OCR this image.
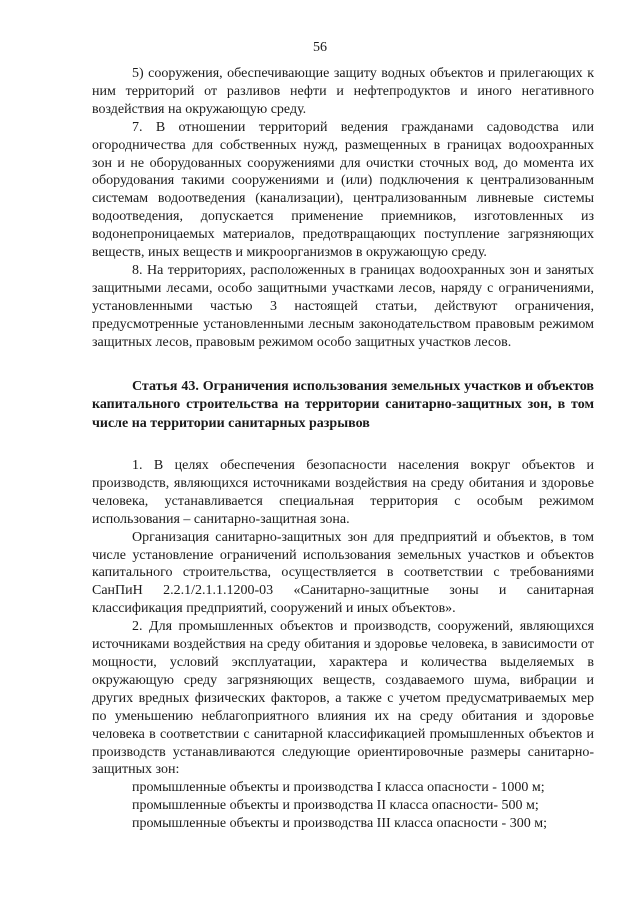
56

5) сооружения, обеспечивающие защиту водных объектов и прилегающих к ним территорий от разливов нефти и нефтепродуктов и иного негативного воздействия на окружающую среду.

7. В отношении территорий ведения гражданами садоводства или огородничества для собственных нужд, размещенных в границах водоохранных зон и не оборудованных сооружениями для очистки сточных вод, до момента их оборудования такими сооружениями и (или) подключения к централизованным системам водоотведения (канализации), централизованным ливневые системы водоотведения, допускается применение приемников, изготовленных из водонепроницаемых материалов, предотвращающих поступление загрязняющих веществ, иных веществ и микроорганизмов в окружающую среду.

8. На территориях, расположенных в границах водоохранных зон и занятых защитными лесами, особо защитными участками лесов, наряду с ограничениями, установленными частью 3 настоящей статьи, действуют ограничения, предусмотренные установленными лесным законодательством правовым режимом защитных лесов, правовым режимом особо защитных участков лесов.

Статья 43. Ограничения использования земельных участков и объектов капитального строительства на территории санитарно-защитных зон, в том числе на территории санитарных разрывов

1. В целях обеспечения безопасности населения вокруг объектов и производств, являющихся источниками воздействия на среду обитания и здоровье человека, устанавливается специальная территория с особым режимом использования – санитарно-защитная зона.

Организация санитарно-защитных зон для предприятий и объектов, в том числе установление ограничений использования земельных участков и объектов капитального строительства, осуществляется в соответствии с требованиями СанПиН 2.2.1/2.1.1.1200-03 «Санитарно-защитные зоны и санитарная классификация предприятий, сооружений и иных объектов».

2. Для промышленных объектов и производств, сооружений, являющихся источниками воздействия на среду обитания и здоровье человека, в зависимости от мощности, условий эксплуатации, характера и количества выделяемых в окружающую среду загрязняющих веществ, создаваемого шума, вибрации и других вредных физических факторов, а также с учетом предусматриваемых мер по уменьшению неблагоприятного влияния их на среду обитания и здоровье человека в соответствии с санитарной классификацией промышленных объектов и производств устанавливаются следующие ориентировочные размеры санитарно-защитных зон:

промышленные объекты и производства I класса опасности - 1000 м;

промышленные объекты и производства II класса опасности- 500 м;

промышленные объекты и производства III класса опасности - 300 м;
